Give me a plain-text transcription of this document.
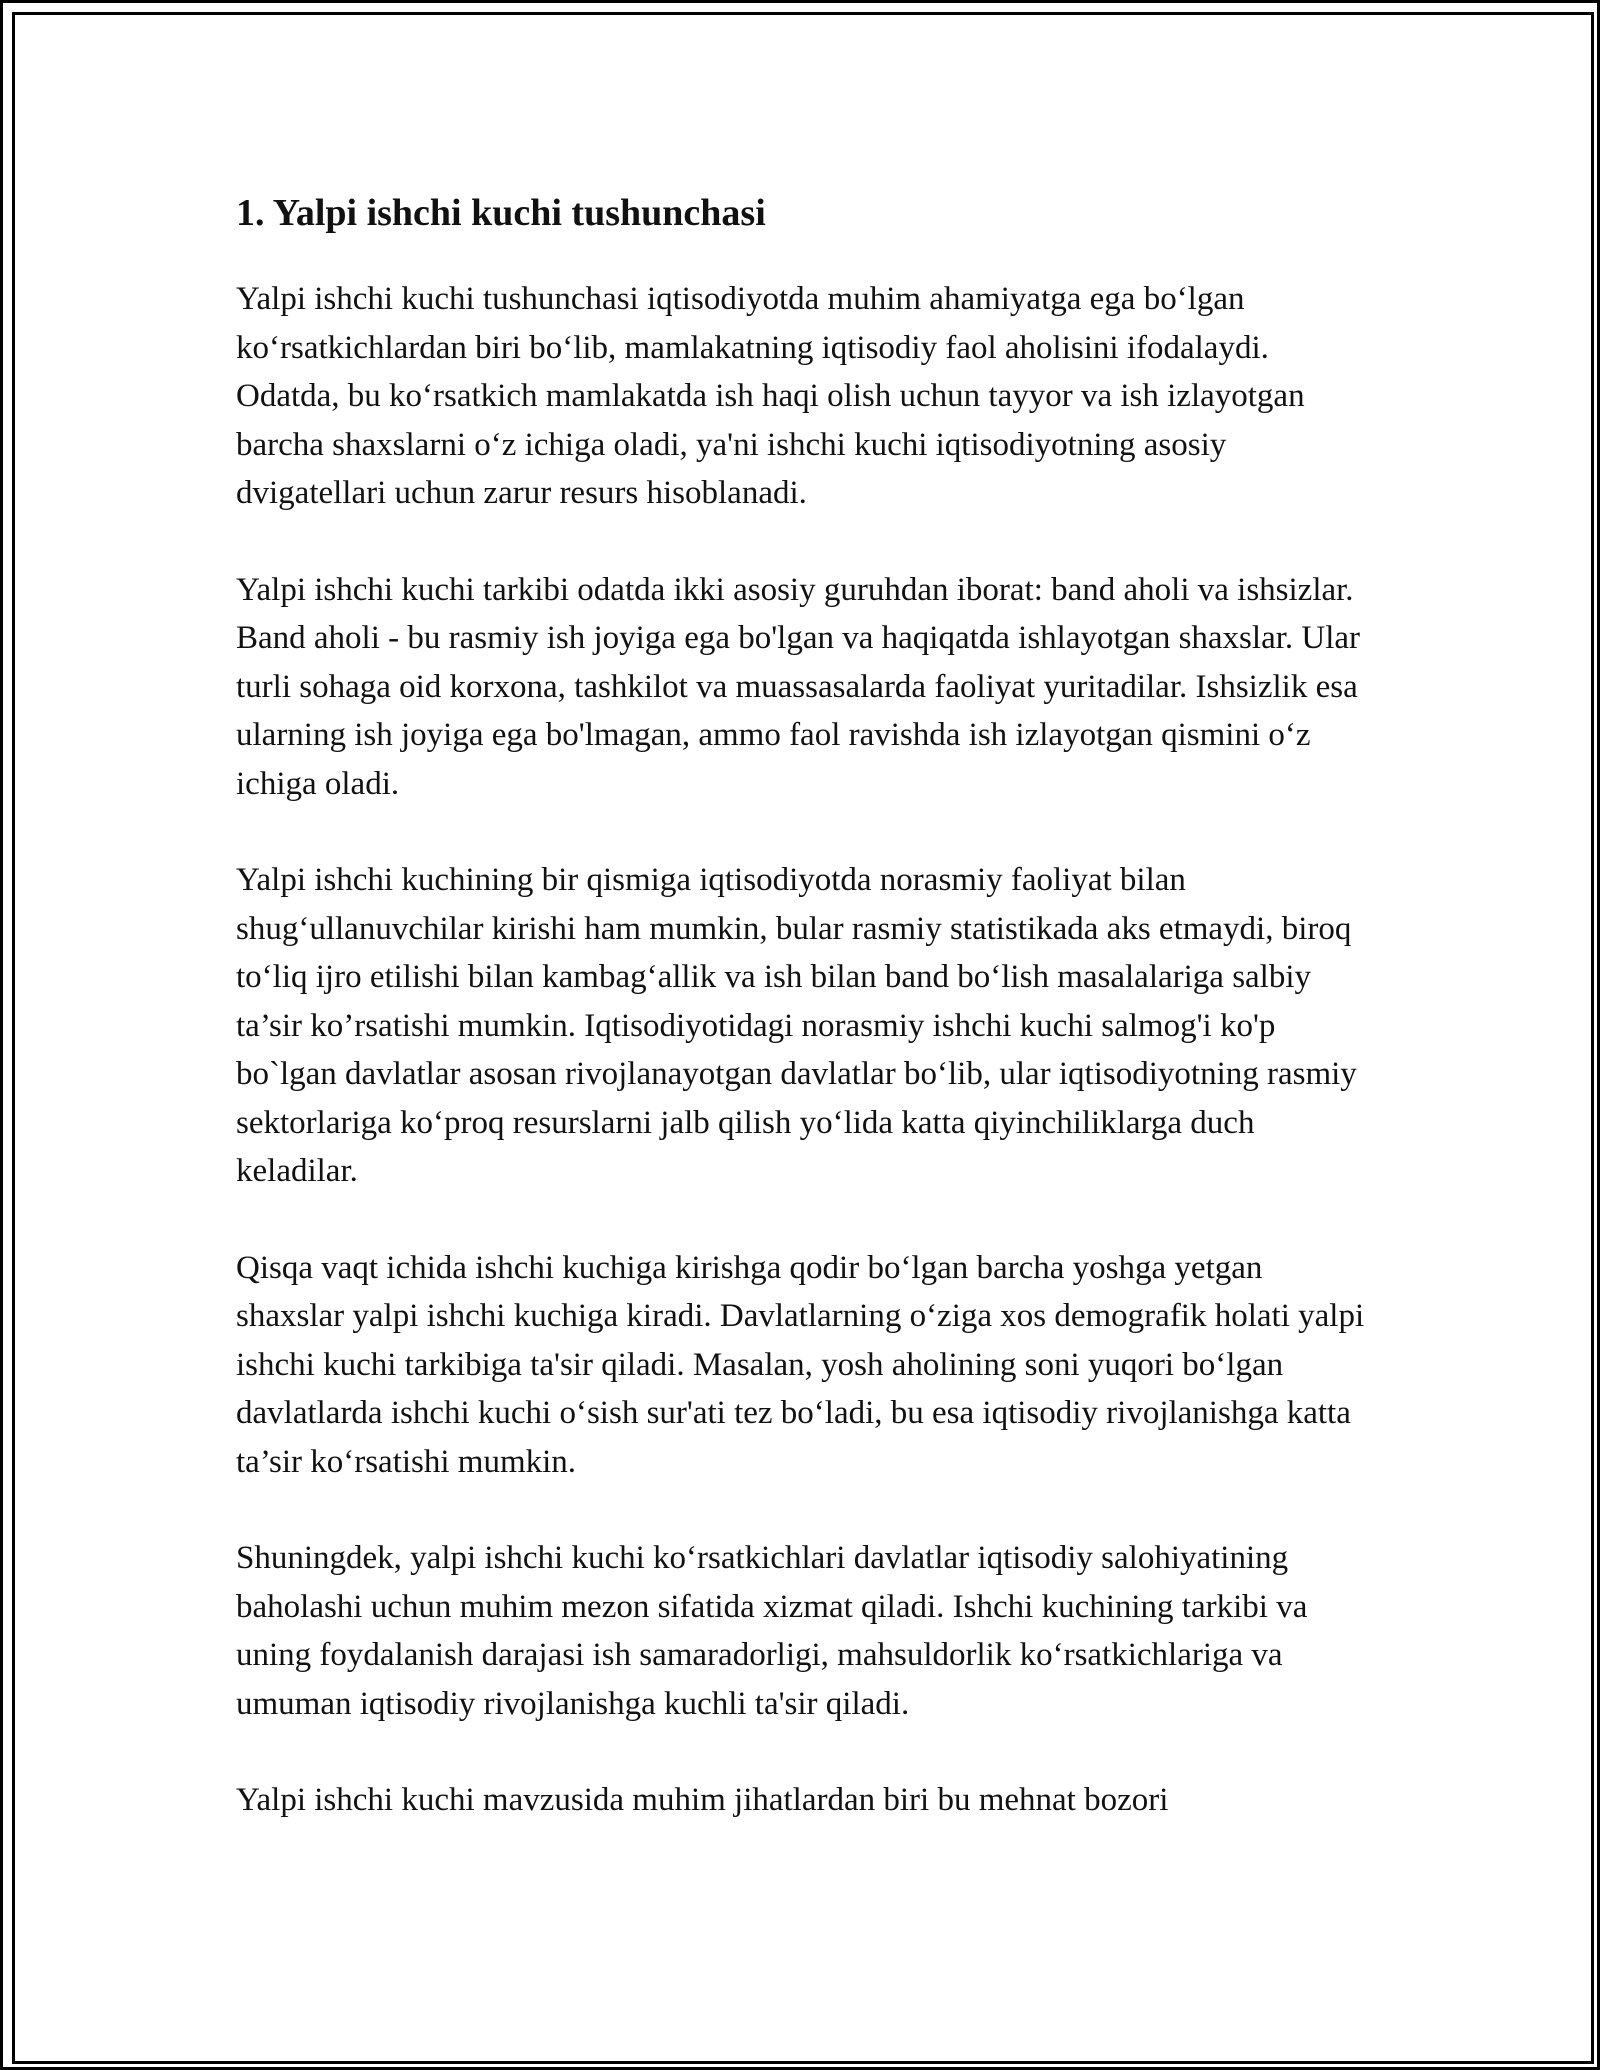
1. Yalpi ishchi kuchi tushunchasi

Yalpi ishchi kuchi tushunchasi iqtisodiyotda muhim ahamiyatga ega bo‘lgan ko‘rsatkichlardan biri bo‘lib, mamlakatning iqtisodiy faol aholisini ifodalaydi. Odatda, bu ko‘rsatkich mamlakatda ish haqi olish uchun tayyor va ish izlayotgan barcha shaxslarni o‘z ichiga oladi, ya'ni ishchi kuchi iqtisodiyotning asosiy dvigatellari uchun zarur resurs hisoblanadi.

Yalpi ishchi kuchi tarkibi odatda ikki asosiy guruhdan iborat: band aholi va ishsizlar. Band aholi - bu rasmiy ish joyiga ega bo'lgan va haqiqatda ishlayotgan shaxslar. Ular turli sohaga oid korxona, tashkilot va muassasalarda faoliyat yuritadilar. Ishsizlik esa ularning ish joyiga ega bo'lmagan, ammo faol ravishda ish izlayotgan qismini o‘z ichiga oladi.

Yalpi ishchi kuchining bir qismiga iqtisodiyotda norasmiy faoliyat bilan shug‘ullanuvchilar kirishi ham mumkin, bular rasmiy statistikada aks etmaydi, biroq to‘liq ijro etilishi bilan kambag‘allik va ish bilan band bo‘lish masalalariga salbiy ta’sir ko’rsatishi mumkin. Iqtisodiyotidagi norasmiy ishchi kuchi salmog'i ko'p bo`lgan davlatlar asosan rivojlanayotgan davlatlar bo‘lib, ular iqtisodiyotning rasmiy sektorlariga ko‘proq resurslarni jalb qilish yo‘lida katta qiyinchiliklarga duch keladilar.

Qisqa vaqt ichida ishchi kuchiga kirishga qodir bo‘lgan barcha yoshga yetgan shaxslar yalpi ishchi kuchiga kiradi. Davlatlarning o‘ziga xos demografik holati yalpi ishchi kuchi tarkibiga ta'sir qiladi. Masalan, yosh aholining soni yuqori bo‘lgan davlatlarda ishchi kuchi o‘sish sur'ati tez bo‘ladi, bu esa iqtisodiy rivojlanishga katta ta’sir ko‘rsatishi mumkin.

Shuningdek, yalpi ishchi kuchi ko‘rsatkichlari davlatlar iqtisodiy salohiyatining baholashi uchun muhim mezon sifatida xizmat qiladi. Ishchi kuchining tarkibi va uning foydalanish darajasi ish samaradorligi, mahsuldorlik ko‘rsatkichlariga va umuman iqtisodiy rivojlanishga kuchli ta'sir qiladi.

Yalpi ishchi kuchi mavzusida muhim jihatlardan biri bu mehnat bozori
